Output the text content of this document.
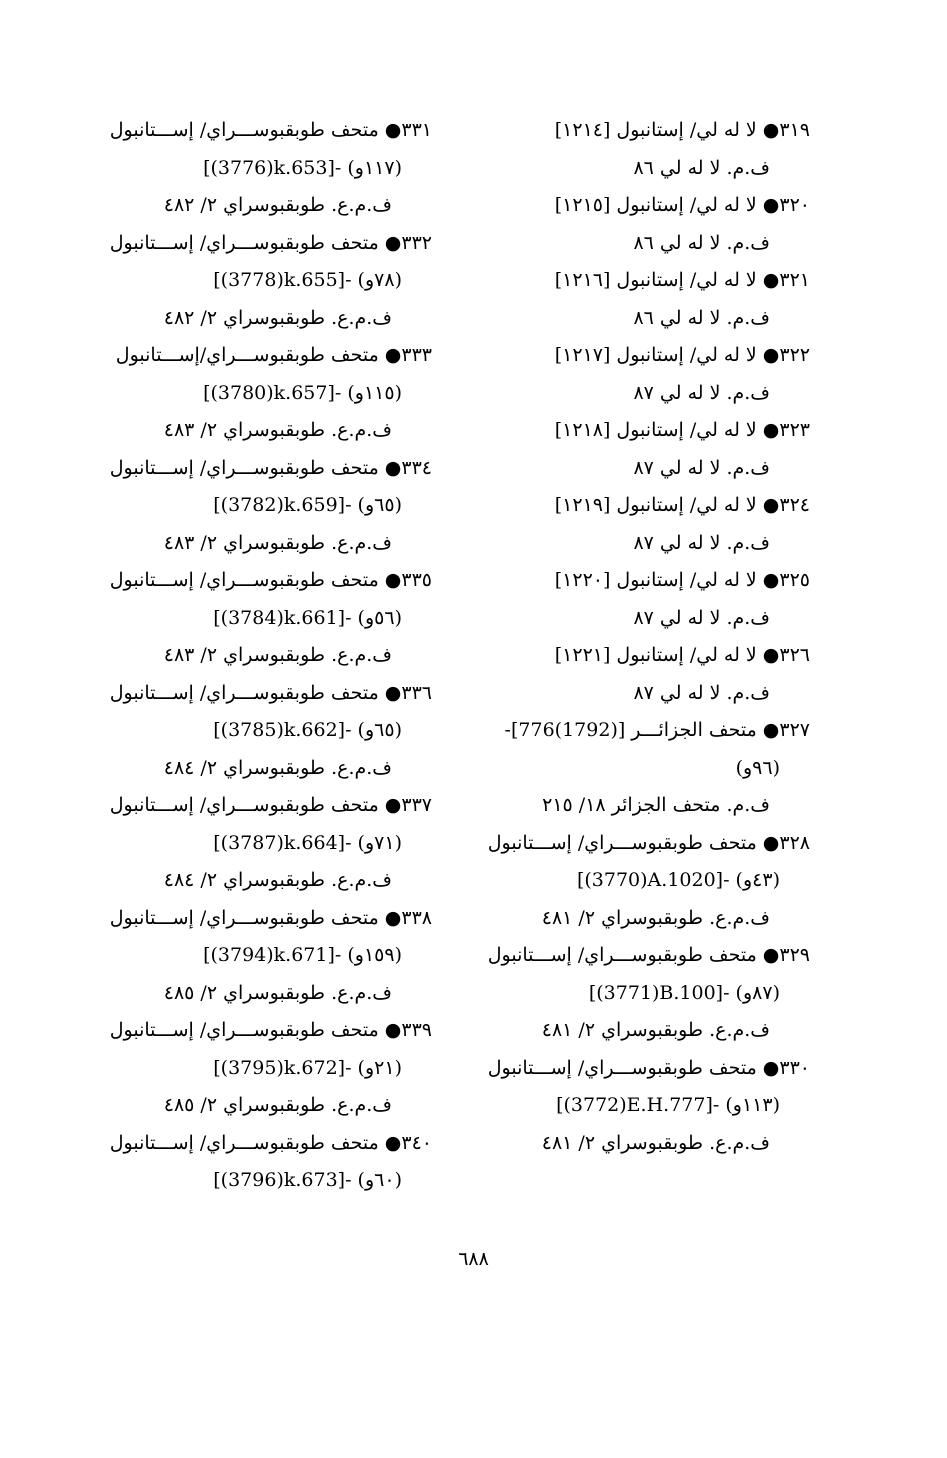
٣١٩● لا له لي/ إستانبول [١٢١٤]
ف.م. لا له لي ٨٦
٣٢٠● لا له لي/ إستانبول [١٢١٥]
ف.م. لا له لي ٨٦
٣٢١● لا له لي/ إستانبول [١٢١٦]
ف.م. لا له لي ٨٦
٣٢٢● لا له لي/ إستانبول [١٢١٧]
ف.م. لا له لي ٨٧
٣٢٣● لا له لي/ إستانبول [١٢١٨]
ف.م. لا له لي ٨٧
٣٢٤● لا له لي/ إستانبول [١٢١٩]
ف.م. لا له لي ٨٧
٣٢٥● لا له لي/ إستانبول [١٢٢٠]
ف.م. لا له لي ٨٧
٣٢٦● لا له لي/ إستانبول [١٢٢١]
ف.م. لا له لي ٨٧
٣٢٧● متحف الجزائـــر [(1792)776]-
(٩٦و)
ف.م. متحف الجزائر ١٨/ ٢١٥
٣٢٨● متحف طوبقبوســـراي/ إســـتانبول
[(3770)A.1020]- (٤٣و)
ف.م.ع. طوبقبوسراي ٢/ ٤٨١
٣٢٩● متحف طوبقبوســـراي/ إســـتانبول
[(3771)B.100]- (٨٧و)
ف.م.ع. طوبقبوسراي ٢/ ٤٨١
٣٣٠● متحف طوبقبوســـراي/ إســـتانبول
[(3772)E.H.777]- (١١٣و)
ف.م.ع. طوبقبوسراي ٢/ ٤٨١
٣٣١● متحف طوبقبوســـراي/ إســـتانبول
[(3776)k.653]- (١١٧و)
ف.م.ع. طوبقبوسراي ٢/ ٤٨٢
٣٣٢● متحف طوبقبوســـراي/ إســـتانبول
[(3778)k.655]- (٧٨و)
ف.م.ع. طوبقبوسراي ٢/ ٤٨٢
٣٣٣● متحف طوبقبوســـراي/إســـتانبول
[(3780)k.657]- (١١٥و)
ف.م.ع. طوبقبوسراي ٢/ ٤٨٣
٣٣٤● متحف طوبقبوســـراي/ إســـتانبول
[(3782)k.659]- (٦٥و)
ف.م.ع. طوبقبوسراي ٢/ ٤٨٣
٣٣٥● متحف طوبقبوســـراي/ إســـتانبول
[(3784)k.661]- (٥٦و)
ف.م.ع. طوبقبوسراي ٢/ ٤٨٣
٣٣٦● متحف طوبقبوســـراي/ إســـتانبول
[(3785)k.662]- (٦٥و)
ف.م.ع. طوبقبوسراي ٢/ ٤٨٤
٣٣٧● متحف طوبقبوســـراي/ إســـتانبول
[(3787)k.664]- (٧١و)
ف.م.ع. طوبقبوسراي ٢/ ٤٨٤
٣٣٨● متحف طوبقبوســـراي/ إســـتانبول
[(3794)k.671]- (١٥٩و)
ف.م.ع. طوبقبوسراي ٢/ ٤٨٥
٣٣٩● متحف طوبقبوســـراي/ إســـتانبول
[(3795)k.672]- (٢١و)
ف.م.ع. طوبقبوسراي ٢/ ٤٨٥
٣٤٠● متحف طوبقبوســـراي/ إســـتانبول
[(3796)k.673]- (٦٠و)
٦٨٨
